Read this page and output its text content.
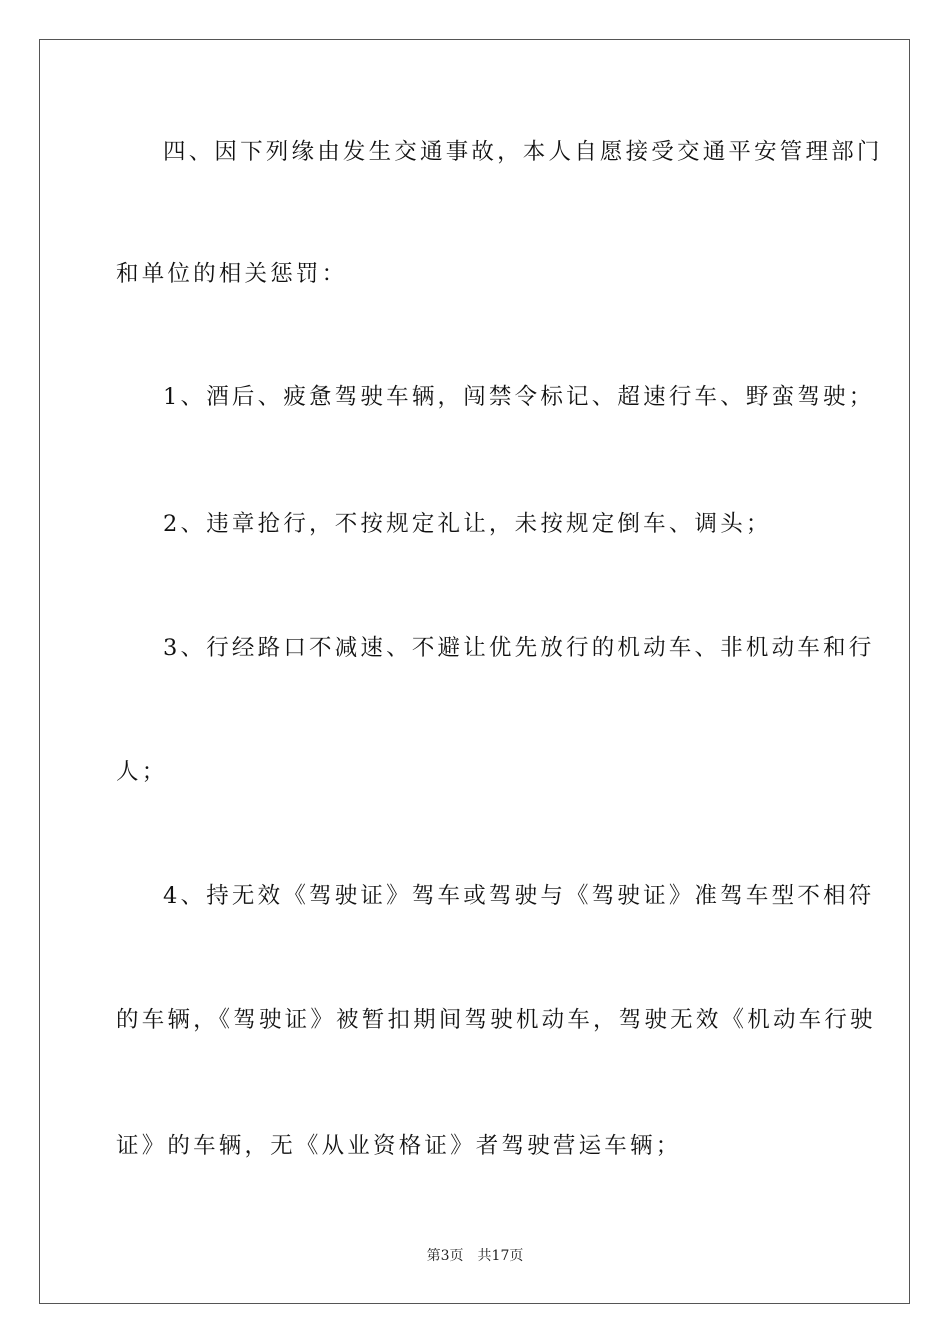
四、因下列缘由发生交通事故，本人自愿接受交通平安管理部门
和单位的相关惩罚：
1、酒后、疲惫驾驶车辆，闯禁令标记、超速行车、野蛮驾驶；
2、违章抢行，不按规定礼让，未按规定倒车、调头；
3、行经路口不减速、不避让优先放行的机动车、非机动车和行
人；
4、持无效《驾驶证》驾车或驾驶与《驾驶证》准驾车型不相符
的车辆，《驾驶证》被暂扣期间驾驶机动车，驾驶无效《机动车行驶
证》的车辆，无《从业资格证》者驾驶营运车辆；
第3页 共17页
